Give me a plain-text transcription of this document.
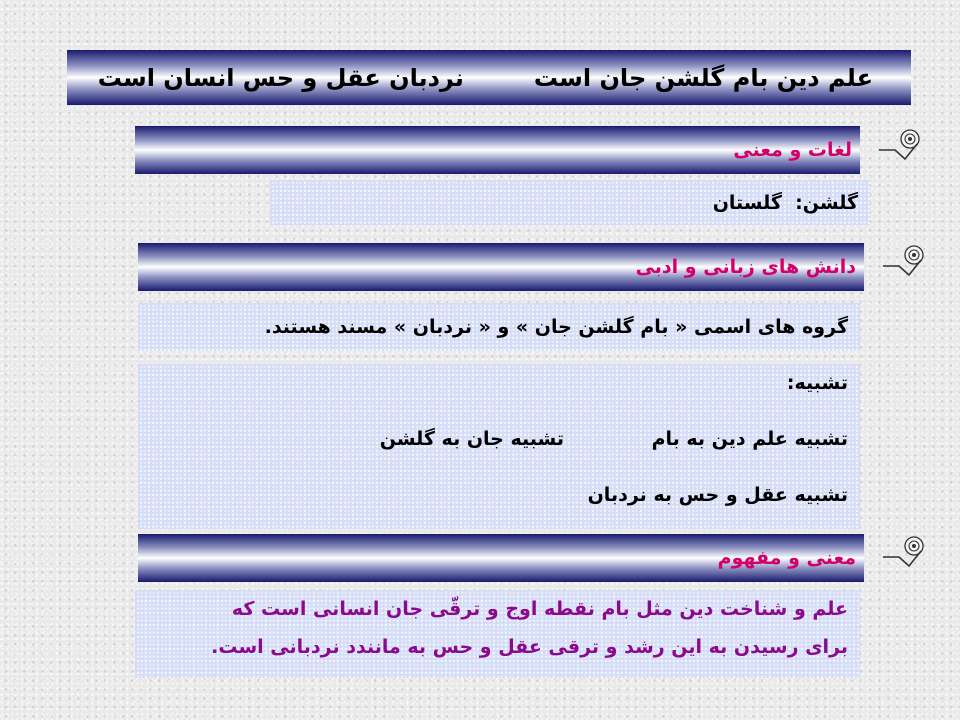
علم دین بام گلشن جان است
نردبان عقل و حس انسان است
لغات و معنی
گلشن:  گلستان
دانش های زبانی و ادبی
گروه های اسمی « بام گلشن جان » و « نردبان » مسند هستند.
تشبیه:
تشبیه علم دین به بام
تشبیه جان به گلشن
تشبیه عقل و حس به نردبان
معنی و مفهوم
علم و شناخت دین مثل بام نقطه اوج و ترقّی جان انسانی است که
برای رسیدن به این رشد و ترقی عقل و حس به مانندد نردبانی است.
